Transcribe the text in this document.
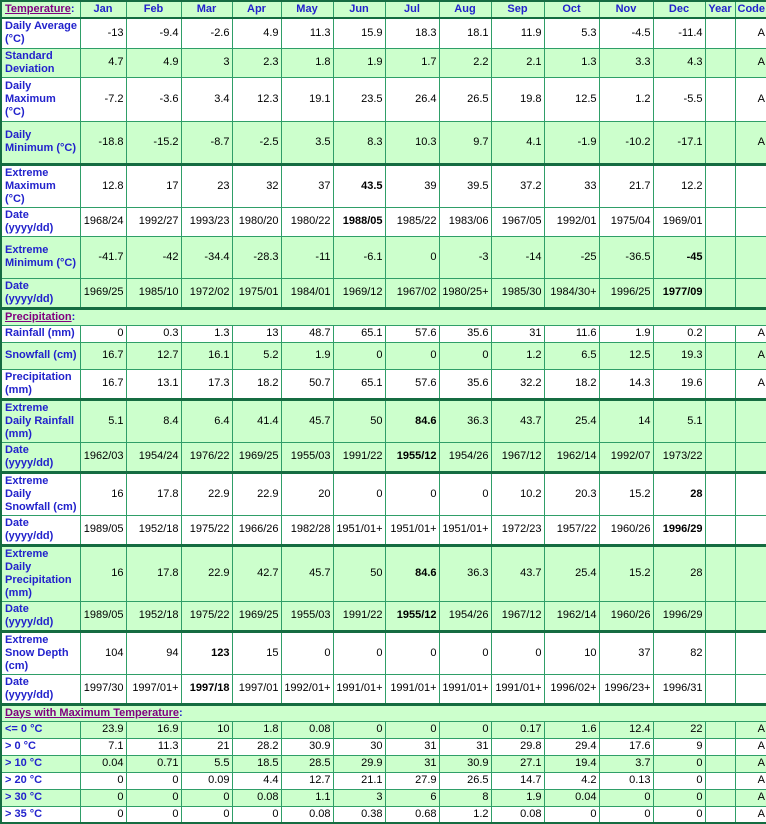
Temperature:	Jan	Feb	Mar	Apr	May	Jun	Jul	Aug	Sep	Oct	Nov	Dec	Year	Code
Daily Average (°C)	-13	-9.4	-2.6	4.9	11.3	15.9	18.3	18.1	11.9	5.3	-4.5	-11.4		A
Standard Deviation	4.7	4.9	3	2.3	1.8	1.9	1.7	2.2	2.1	1.3	3.3	4.3		A
Daily Maximum (°C)	-7.2	-3.6	3.4	12.3	19.1	23.5	26.4	26.5	19.8	12.5	1.2	-5.5		A
Daily Minimum (°C)	-18.8	-15.2	-8.7	-2.5	3.5	8.3	10.3	9.7	4.1	-1.9	-10.2	-17.1		A
Extreme Maximum (°C)	12.8	17	23	32	37	43.5	39	39.5	37.2	33	21.7	12.2		
Date (yyyy/dd)	1968/24	1992/27	1993/23	1980/20	1980/22	1988/05	1985/22	1983/06	1967/05	1992/01	1975/04	1969/01		
Extreme Minimum (°C)	-41.7	-42	-34.4	-28.3	-11	-6.1	0	-3	-14	-25	-36.5	-45		
Date (yyyy/dd)	1969/25	1985/10	1972/02	1975/01	1984/01	1969/12	1967/02	1980/25+	1985/30	1984/30+	1996/25	1977/09		
Precipitation:														
Rainfall (mm)	0	0.3	1.3	13	48.7	65.1	57.6	35.6	31	11.6	1.9	0.2		A
Snowfall (cm)	16.7	12.7	16.1	5.2	1.9	0	0	0	1.2	6.5	12.5	19.3		A
Precipitation (mm)	16.7	13.1	17.3	18.2	50.7	65.1	57.6	35.6	32.2	18.2	14.3	19.6		A
Extreme Daily Rainfall (mm)	5.1	8.4	6.4	41.4	45.7	50	84.6	36.3	43.7	25.4	14	5.1		
Date (yyyy/dd)	1962/03	1954/24	1976/22	1969/25	1955/03	1991/22	1955/12	1954/26	1967/12	1962/14	1992/07	1973/22		
Extreme Daily Snowfall (cm)	16	17.8	22.9	22.9	20	0	0	0	10.2	20.3	15.2	28		
Date (yyyy/dd)	1989/05	1952/18	1975/22	1966/26	1982/28	1951/01+	1951/01+	1951/01+	1972/23	1957/22	1960/26	1996/29		
Extreme Daily Precipitation (mm)	16	17.8	22.9	42.7	45.7	50	84.6	36.3	43.7	25.4	15.2	28		
Date (yyyy/dd)	1989/05	1952/18	1975/22	1969/25	1955/03	1991/22	1955/12	1954/26	1967/12	1962/14	1960/26	1996/29		
Extreme Snow Depth (cm)	104	94	123	15	0	0	0	0	0	10	37	82		
Date (yyyy/dd)	1997/30	1997/01+	1997/18	1997/01	1992/01+	1991/01+	1991/01+	1991/01+	1991/01+	1996/02+	1996/23+	1996/31		
Days with Maximum Temperature:														
<= 0 °C	23.9	16.9	10	1.8	0.08	0	0	0	0.17	1.6	12.4	22		A
> 0 °C	7.1	11.3	21	28.2	30.9	30	31	31	29.8	29.4	17.6	9		A
> 10 °C	0.04	0.71	5.5	18.5	28.5	29.9	31	30.9	27.1	19.4	3.7	0		A
> 20 °C	0	0	0.09	4.4	12.7	21.1	27.9	26.5	14.7	4.2	0.13	0		A
> 30 °C	0	0	0	0.08	1.1	3	6	8	1.9	0.04	0	0		A
> 35 °C	0	0	0	0	0.08	0.38	0.68	1.2	0.08	0	0	0		A
